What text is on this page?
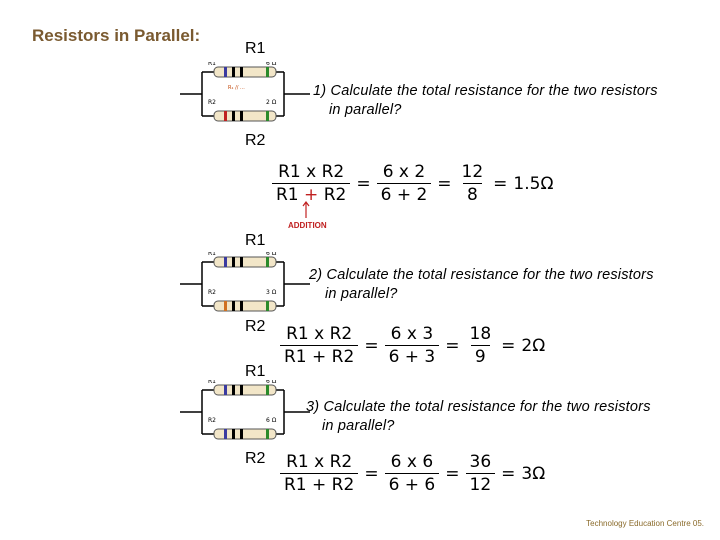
Resistors in Parallel:
R1
R₁ // ...
R1	6 Ω
R2	2 Ω
1) Calculate the total resistance for the two resistors
in parallel?
R2
$\frac{\text{R1 x R2}}{R1 + R2} = \frac{6 x 2}{6 + 2} = \frac{12}{8} = 1.5$ Ω
ADDITION
R1
R1	6 Ω
R2	3 Ω
2) Calculate the total resistance for the two resistors
in parallel?
$R2 \frac{\text{R1 x R2}}{R1 + R2} = \frac{6 x 3}{6 + 3} = \frac{18}{9} = 2$ Ω
R1
R1	6 Ω
R2	6 Ω
3) Calculate the total resistance for the two resistors
in parallel?
$R2 \frac{\text{R1 x R2}}{R1 + R2} = \frac{6 x 6}{6 + 6} = \frac{36}{12} = 3$ Ω
Technology Education Centre 05.
